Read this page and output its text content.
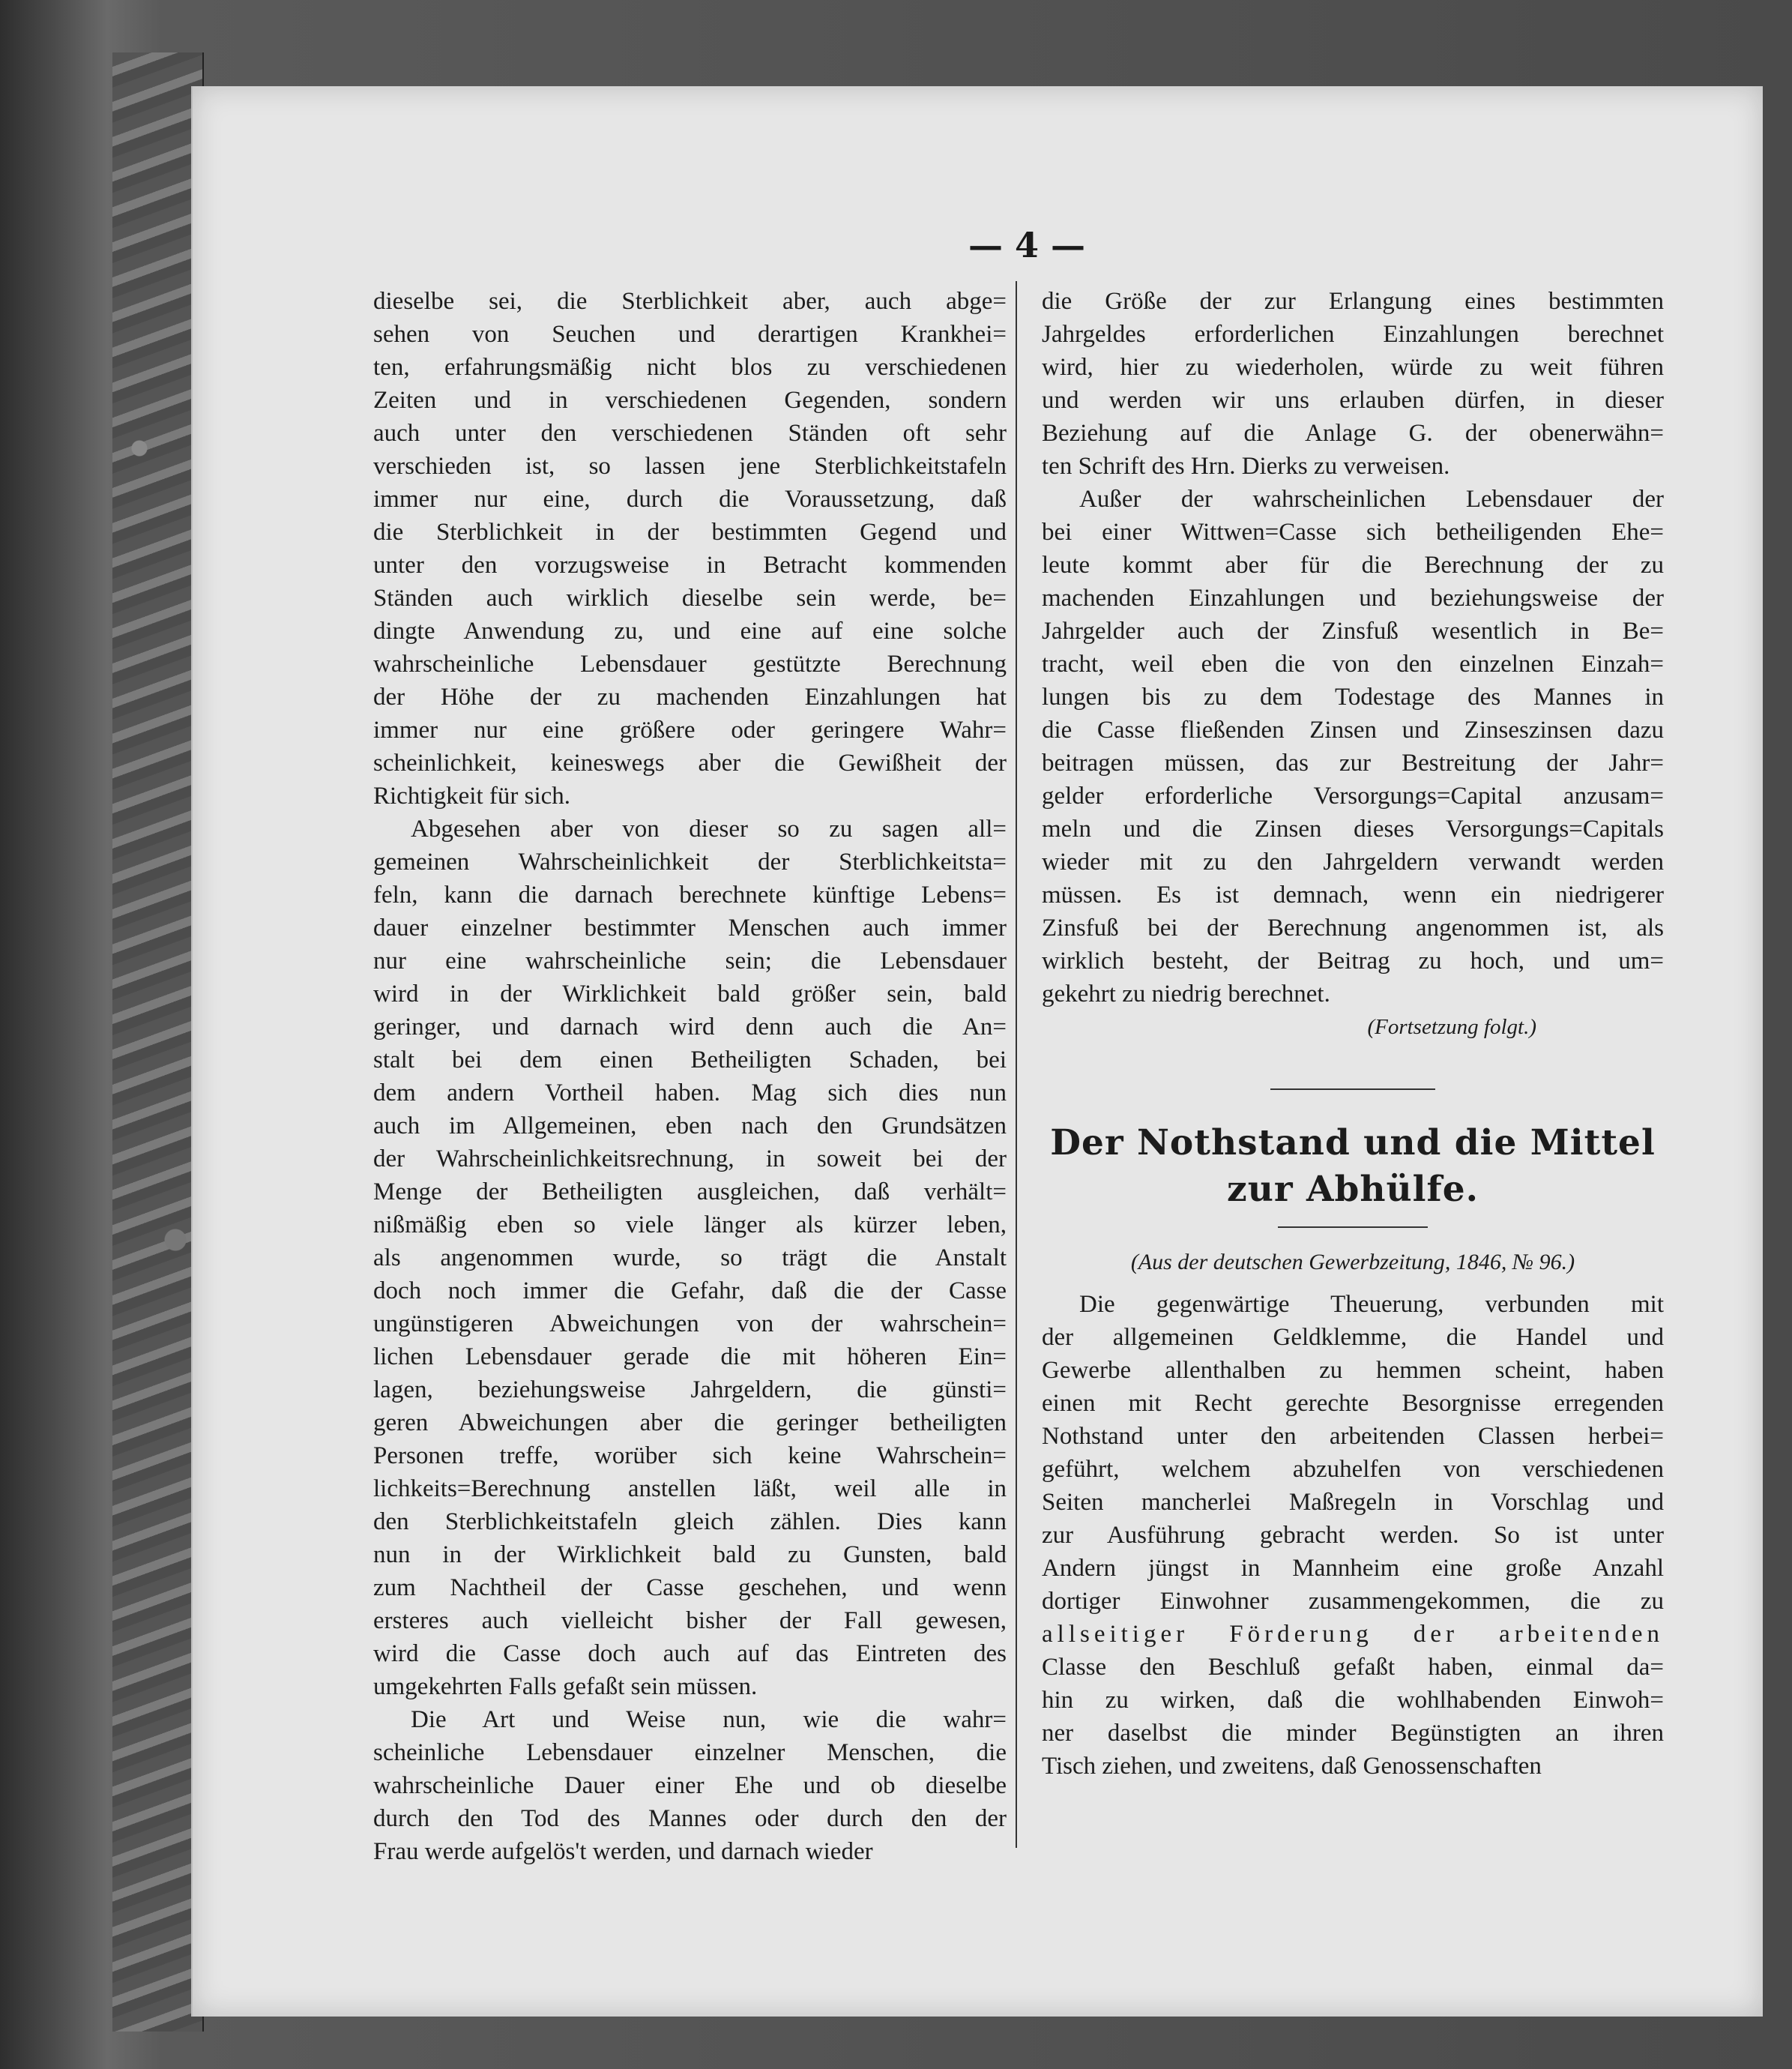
— 4 —
dieselbe sei, die Sterblichkeit aber, auch abge=
sehen von Seuchen und derartigen Krankhei=
ten, erfahrungsmäßig nicht blos zu verschiedenen
Zeiten und in verschiedenen Gegenden, sondern
auch unter den verschiedenen Ständen oft sehr
verschieden ist, so lassen jene Sterblichkeitstafeln
immer nur eine, durch die Voraussetzung, daß
die Sterblichkeit in der bestimmten Gegend und
unter den vorzugsweise in Betracht kommenden
Ständen auch wirklich dieselbe sein werde, be=
dingte Anwendung zu, und eine auf eine solche
wahrscheinliche Lebensdauer gestützte Berechnung
der Höhe der zu machenden Einzahlungen hat
immer nur eine größere oder geringere Wahr=
scheinlichkeit, keineswegs aber die Gewißheit der
Richtigkeit für sich.
Abgesehen aber von dieser so zu sagen all=
gemeinen Wahrscheinlichkeit der Sterblichkeitsta=
feln, kann die darnach berechnete künftige Lebens=
dauer einzelner bestimmter Menschen auch immer
nur eine wahrscheinliche sein; die Lebensdauer
wird in der Wirklichkeit bald größer sein, bald
geringer, und darnach wird denn auch die An=
stalt bei dem einen Betheiligten Schaden, bei
dem andern Vortheil haben. Mag sich dies nun
auch im Allgemeinen, eben nach den Grundsätzen
der Wahrscheinlichkeitsrechnung, in soweit bei der
Menge der Betheiligten ausgleichen, daß verhält=
nißmäßig eben so viele länger als kürzer leben,
als angenommen wurde, so trägt die Anstalt
doch noch immer die Gefahr, daß die der Casse
ungünstigeren Abweichungen von der wahrschein=
lichen Lebensdauer gerade die mit höheren Ein=
lagen, beziehungsweise Jahrgeldern, die günsti=
geren Abweichungen aber die geringer betheiligten
Personen treffe, worüber sich keine Wahrschein=
lichkeits=Berechnung anstellen läßt, weil alle in
den Sterblichkeitstafeln gleich zählen. Dies kann
nun in der Wirklichkeit bald zu Gunsten, bald
zum Nachtheil der Casse geschehen, und wenn
ersteres auch vielleicht bisher der Fall gewesen,
wird die Casse doch auch auf das Eintreten des
umgekehrten Falls gefaßt sein müssen.
Die Art und Weise nun, wie die wahr=
scheinliche Lebensdauer einzelner Menschen, die
wahrscheinliche Dauer einer Ehe und ob dieselbe
durch den Tod des Mannes oder durch den der
Frau werde aufgelös't werden, und darnach wieder
die Größe der zur Erlangung eines bestimmten
Jahrgeldes erforderlichen Einzahlungen berechnet
wird, hier zu wiederholen, würde zu weit führen
und werden wir uns erlauben dürfen, in dieser
Beziehung auf die Anlage G. der obenerwähn=
ten Schrift des Hrn. Dierks zu verweisen.
Außer der wahrscheinlichen Lebensdauer der
bei einer Wittwen=Casse sich betheiligenden Ehe=
leute kommt aber für die Berechnung der zu
machenden Einzahlungen und beziehungsweise der
Jahrgelder auch der Zinsfuß wesentlich in Be=
tracht, weil eben die von den einzelnen Einzah=
lungen bis zu dem Todestage des Mannes in
die Casse fließenden Zinsen und Zinseszinsen dazu
beitragen müssen, das zur Bestreitung der Jahr=
gelder erforderliche Versorgungs=Capital anzusam=
meln und die Zinsen dieses Versorgungs=Capitals
wieder mit zu den Jahrgeldern verwandt werden
müssen. Es ist demnach, wenn ein niedrigerer
Zinsfuß bei der Berechnung angenommen ist, als
wirklich besteht, der Beitrag zu hoch, und um=
gekehrt zu niedrig berechnet.
(Fortsetzung folgt.)
Der Nothstand und die Mittel
zur Abhülfe.
(Aus der deutschen Gewerbzeitung, 1846, № 96.)
Die gegenwärtige Theuerung, verbunden mit
der allgemeinen Geldklemme, die Handel und
Gewerbe allenthalben zu hemmen scheint, haben
einen mit Recht gerechte Besorgnisse erregenden
Nothstand unter den arbeitenden Classen herbei=
geführt, welchem abzuhelfen von verschiedenen
Seiten mancherlei Maßregeln in Vorschlag und
zur Ausführung gebracht werden. So ist unter
Andern jüngst in Mannheim eine große Anzahl
dortiger Einwohner zusammengekommen, die zu
allseitiger Förderung der arbeitenden
Classe den Beschluß gefaßt haben, einmal da=
hin zu wirken, daß die wohlhabenden Einwoh=
ner daselbst die minder Begünstigten an ihren
Tisch ziehen, und zweitens, daß Genossenschaften
